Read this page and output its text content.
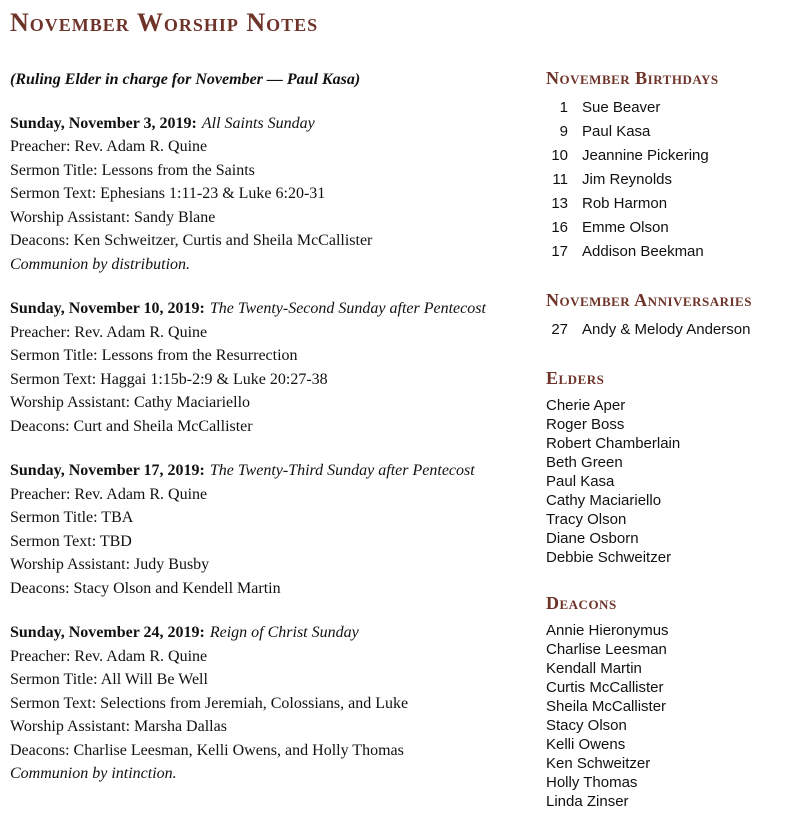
November Worship Notes
(Ruling Elder in charge for November — Paul Kasa)
Sunday, November 3, 2019: All Saints Sunday
Preacher: Rev. Adam R. Quine
Sermon Title: Lessons from the Saints
Sermon Text: Ephesians 1:11-23 & Luke 6:20-31
Worship Assistant: Sandy Blane
Deacons: Ken Schweitzer, Curtis and Sheila McCallister
Communion by distribution.
Sunday, November 10, 2019: The Twenty-Second Sunday after Pentecost
Preacher: Rev. Adam R. Quine
Sermon Title: Lessons from the Resurrection
Sermon Text: Haggai 1:15b-2:9 & Luke 20:27-38
Worship Assistant: Cathy Maciariello
Deacons: Curt and Sheila McCallister
Sunday, November 17, 2019: The Twenty-Third Sunday after Pentecost
Preacher: Rev. Adam R. Quine
Sermon Title: TBA
Sermon Text: TBD
Worship Assistant: Judy Busby
Deacons: Stacy Olson and Kendell Martin
Sunday, November 24, 2019: Reign of Christ Sunday
Preacher: Rev. Adam R. Quine
Sermon Title: All Will Be Well
Sermon Text: Selections from Jeremiah, Colossians, and Luke
Worship Assistant: Marsha Dallas
Deacons: Charlise Leesman, Kelli Owens, and Holly Thomas
Communion by intinction.
November Birthdays
1 Sue Beaver
9 Paul Kasa
10 Jeannine Pickering
11 Jim Reynolds
13 Rob Harmon
16 Emme Olson
17 Addison Beekman
November Anniversaries
27 Andy & Melody Anderson
Elders
Cherie Aper
Roger Boss
Robert Chamberlain
Beth Green
Paul Kasa
Cathy Maciariello
Tracy Olson
Diane Osborn
Debbie Schweitzer
Deacons
Annie Hieronymus
Charlise Leesman
Kendall Martin
Curtis McCallister
Sheila McCallister
Stacy Olson
Kelli Owens
Ken Schweitzer
Holly Thomas
Linda Zinser
